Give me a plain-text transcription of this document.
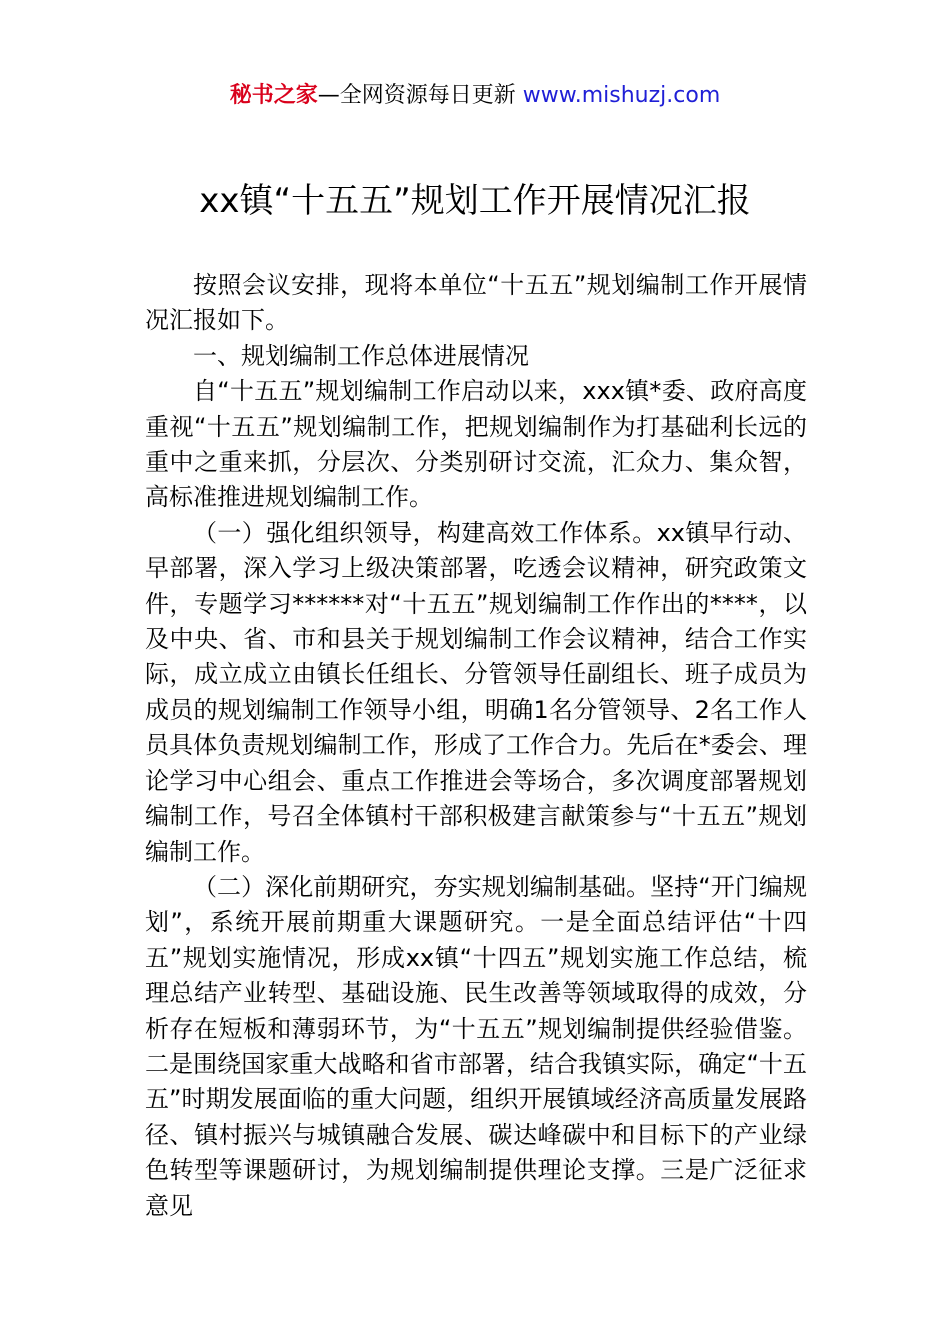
秘书之家—全网资源每日更新 www.mishuzj.com
xx镇“十五五”规划工作开展情况汇报

按照会议安排，现将本单位“十五五”规划编制工作开展情况汇报如下。

一、规划编制工作总体进展情况

自“十五五”规划编制工作启动以来，xxx镇*委、政府高度重视“十五五”规划编制工作，把规划编制作为打基础利长远的重中之重来抓，分层次、分类别研讨交流，汇众力、集众智，高标准推进规划编制工作。

（一）强化组织领导，构建高效工作体系。xx镇早行动、早部署，深入学习上级决策部署，吃透会议精神，研究政策文件，专题学习******对“十五五”规划编制工作作出的****，以及中央、省、市和县关于规划编制工作会议精神，结合工作实际，成立成立由镇长任组长、分管领导任副组长、班子成员为成员的规划编制工作领导小组，明确1名分管领导、2名工作人员具体负责规划编制工作，形成了工作合力。先后在*委会、理论学习中心组会、重点工作推进会等场合，多次调度部署规划编制工作，号召全体镇村干部积极建言献策参与“十五五”规划编制工作。

（二）深化前期研究，夯实规划编制基础。坚持“开门编规划”，系统开展前期重大课题研究。一是全面总结评估“十四五”规划实施情况，形成xx镇“十四五”规划实施工作总结，梳理总结产业转型、基础设施、民生改善等领域取得的成效，分析存在短板和薄弱环节，为“十五五”规划编制提供经验借鉴。二是围绕国家重大战略和省市部署，结合我镇实际，确定“十五五”时期发展面临的重大问题，组织开展镇域经济高质量发展路径、镇村振兴与城镇融合发展、碳达峰碳中和目标下的产业绿色转型等课题研讨，为规划编制提供理论支撑。三是广泛征求意见
